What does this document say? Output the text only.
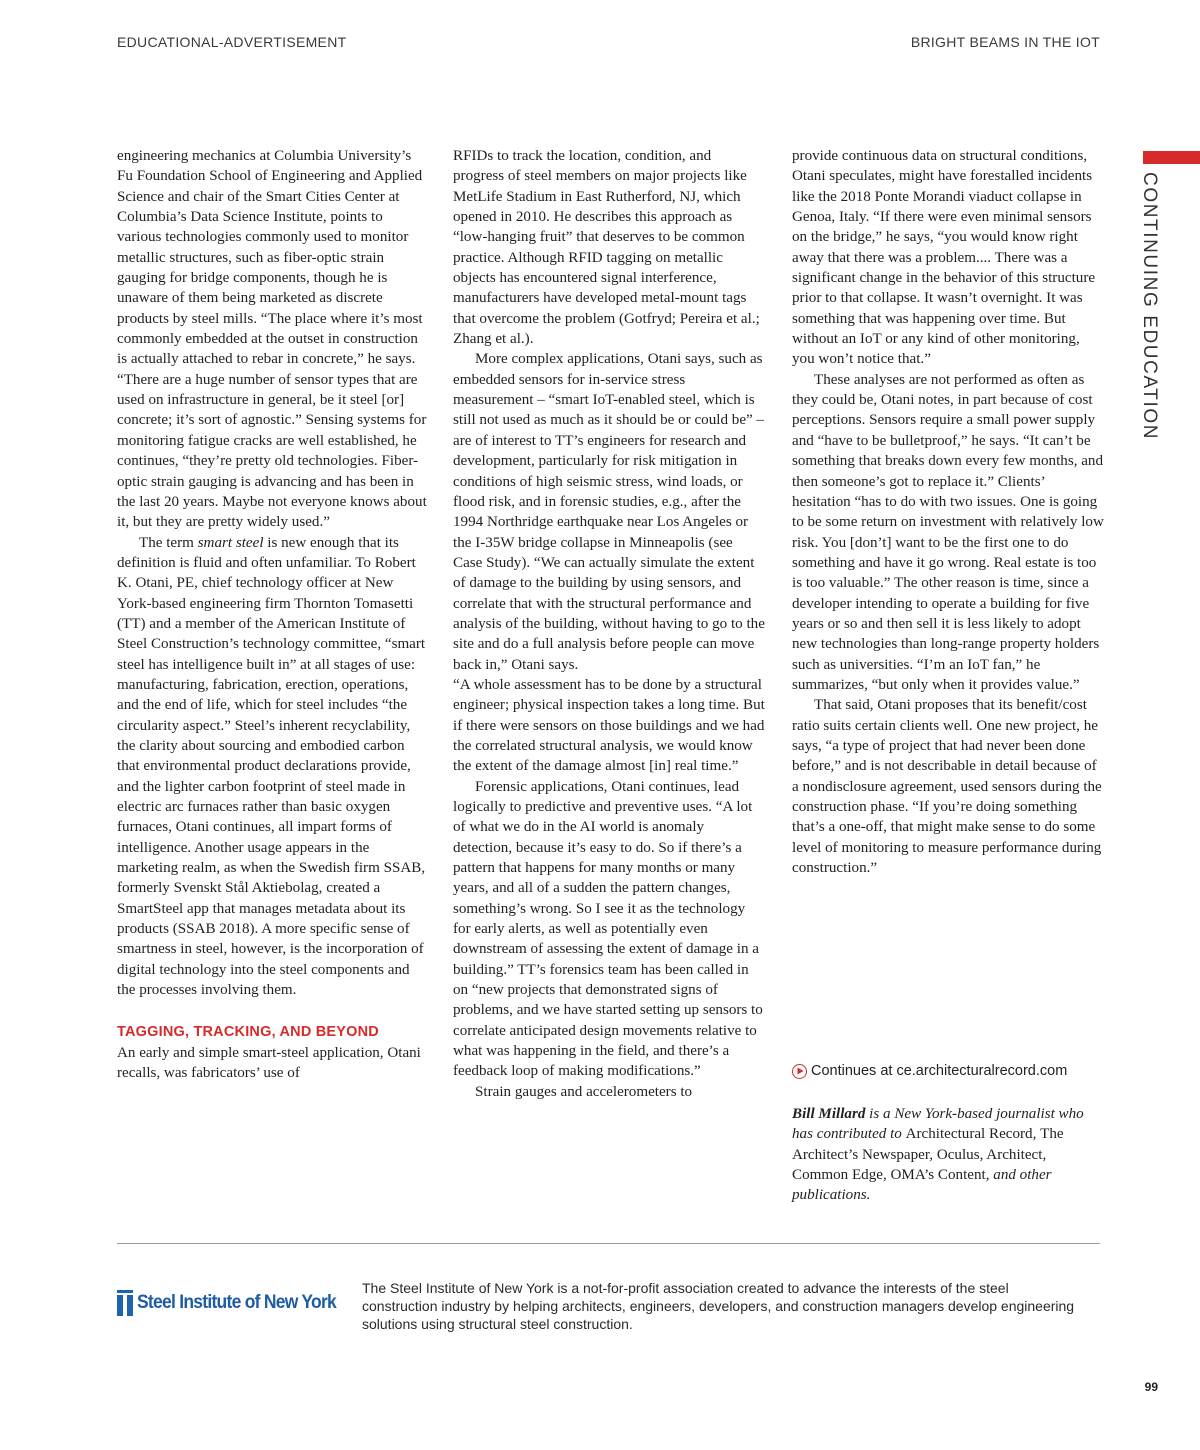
EDUCATIONAL-ADVERTISEMENT	BRIGHT BEAMS IN THE IOT
CONTINUING EDUCATION

engineering mechanics at Columbia University’s Fu Foundation School of Engineering and Applied Science and chair of the Smart Cities Center at Columbia’s Data Science Institute, points to various technologies commonly used to monitor metallic structures, such as fiber-optic strain gauging for bridge components, though he is unaware of them being marketed as discrete products by steel mills. “The place where it’s most commonly embedded at the outset in construction is actually attached to rebar in concrete,” he says. “There are a huge number of sensor types that are used on infrastructure in general, be it steel [or] concrete; it’s sort of agnostic.” Sensing systems for monitoring fatigue cracks are well established, he continues, “they’re pretty old technologies. Fiber-optic strain gauging is advancing and has been in the last 20 years. Maybe not everyone knows about it, but they are pretty widely used.”

The term smart steel is new enough that its definition is fluid and often unfamiliar. To Robert K. Otani, PE, chief technology officer at New York-based engineering firm Thornton Tomasetti (TT) and a member of the American Institute of Steel Construction’s technology committee, “smart steel has intelligence built in” at all stages of use: manufacturing, fabrication, erection, operations, and the end of life, which for steel includes “the circularity aspect.” Steel’s inherent recyclability, the clarity about sourcing and embodied carbon that environmental product declarations provide, and the lighter carbon footprint of steel made in electric arc furnaces rather than basic oxygen furnaces, Otani continues, all impart forms of intelligence. Another usage appears in the marketing realm, as when the Swedish firm SSAB, formerly Svenskt Stål Aktiebolag, created a SmartSteel app that manages metadata about its products (SSAB 2018). A more specific sense of smartness in steel, however, is the incorporation of digital technology into the steel components and the processes involving them.

TAGGING, TRACKING, AND BEYOND

An early and simple smart-steel application, Otani recalls, was fabricators’ use of

RFIDs to track the location, condition, and progress of steel members on major projects like MetLife Stadium in East Rutherford, NJ, which opened in 2010. He describes this approach as “low-hanging fruit” that deserves to be common practice. Although RFID tagging on metallic objects has encountered signal interference, manufacturers have developed metal-mount tags that overcome the problem (Gotfryd; Pereira et al.; Zhang et al.).

More complex applications, Otani says, such as embedded sensors for in-service stress measurement – “smart IoT-enabled steel, which is still not used as much as it should be or could be” – are of interest to TT’s engineers for research and development, particularly for risk mitigation in conditions of high seismic stress, wind loads, or flood risk, and in forensic studies, e.g., after the 1994 Northridge earthquake near Los Angeles or the I-35W bridge collapse in Minneapolis (see Case Study). “We can actually simulate the extent of damage to the building by using sensors, and correlate that with the structural performance and analysis of the building, without having to go to the site and do a full analysis before people can move back in,” Otani says.

“A whole assessment has to be done by a structural engineer; physical inspection takes a long time. But if there were sensors on those buildings and we had the correlated structural analysis, we would know the extent of the damage almost [in] real time.”

Forensic applications, Otani continues, lead logically to predictive and preventive uses. “A lot of what we do in the AI world is anomaly detection, because it’s easy to do. So if there’s a pattern that happens for many months or many years, and all of a sudden the pattern changes, something’s wrong. So I see it as the technology for early alerts, as well as potentially even downstream of assessing the extent of damage in a building.” TT’s forensics team has been called in on “new projects that demonstrated signs of problems, and we have started setting up sensors to correlate anticipated design movements relative to what was happening in the field, and there’s a feedback loop of making modifications.”

Strain gauges and accelerometers to

provide continuous data on structural conditions, Otani speculates, might have forestalled incidents like the 2018 Ponte Morandi viaduct collapse in Genoa, Italy. “If there were even minimal sensors on the bridge,” he says, “you would know right away that there was a problem.... There was a significant change in the behavior of this structure prior to that collapse. It wasn’t overnight. It was something that was happening over time. But without an IoT or any kind of other monitoring, you won’t notice that.”

These analyses are not performed as often as they could be, Otani notes, in part because of cost perceptions. Sensors require a small power supply and “have to be bulletproof,” he says. “It can’t be something that breaks down every few months, and then someone’s got to replace it.” Clients’ hesitation “has to do with two issues. One is going to be some return on investment with relatively low risk. You [don’t] want to be the first one to do something and have it go wrong. Real estate is too is too valuable.” The other reason is time, since a developer intending to operate a building for five years or so and then sell it is less likely to adopt new technologies than long-range property holders such as universities. “I’m an IoT fan,” he summarizes, “but only when it provides value.”

That said, Otani proposes that its benefit/cost ratio suits certain clients well. One new project, he says, “a type of project that had never been done before,” and is not describable in detail because of a nondisclosure agreement, used sensors during the construction phase. “If you’re doing something that’s a one-off, that might make sense to do some level of monitoring to measure performance during construction.”

Continues at ce.architecturalrecord.com
Bill Millard is a New York-based journalist who has contributed to Architectural Record, The Architect’s Newspaper, Oculus, Architect, Common Edge, OMA’s Content, and other publications.
Steel Institute of New York
The Steel Institute of New York is a not-for-profit association created to advance the interests of the steel construction industry by helping architects, engineers, developers, and construction managers develop engineering solutions using structural steel construction.
99
